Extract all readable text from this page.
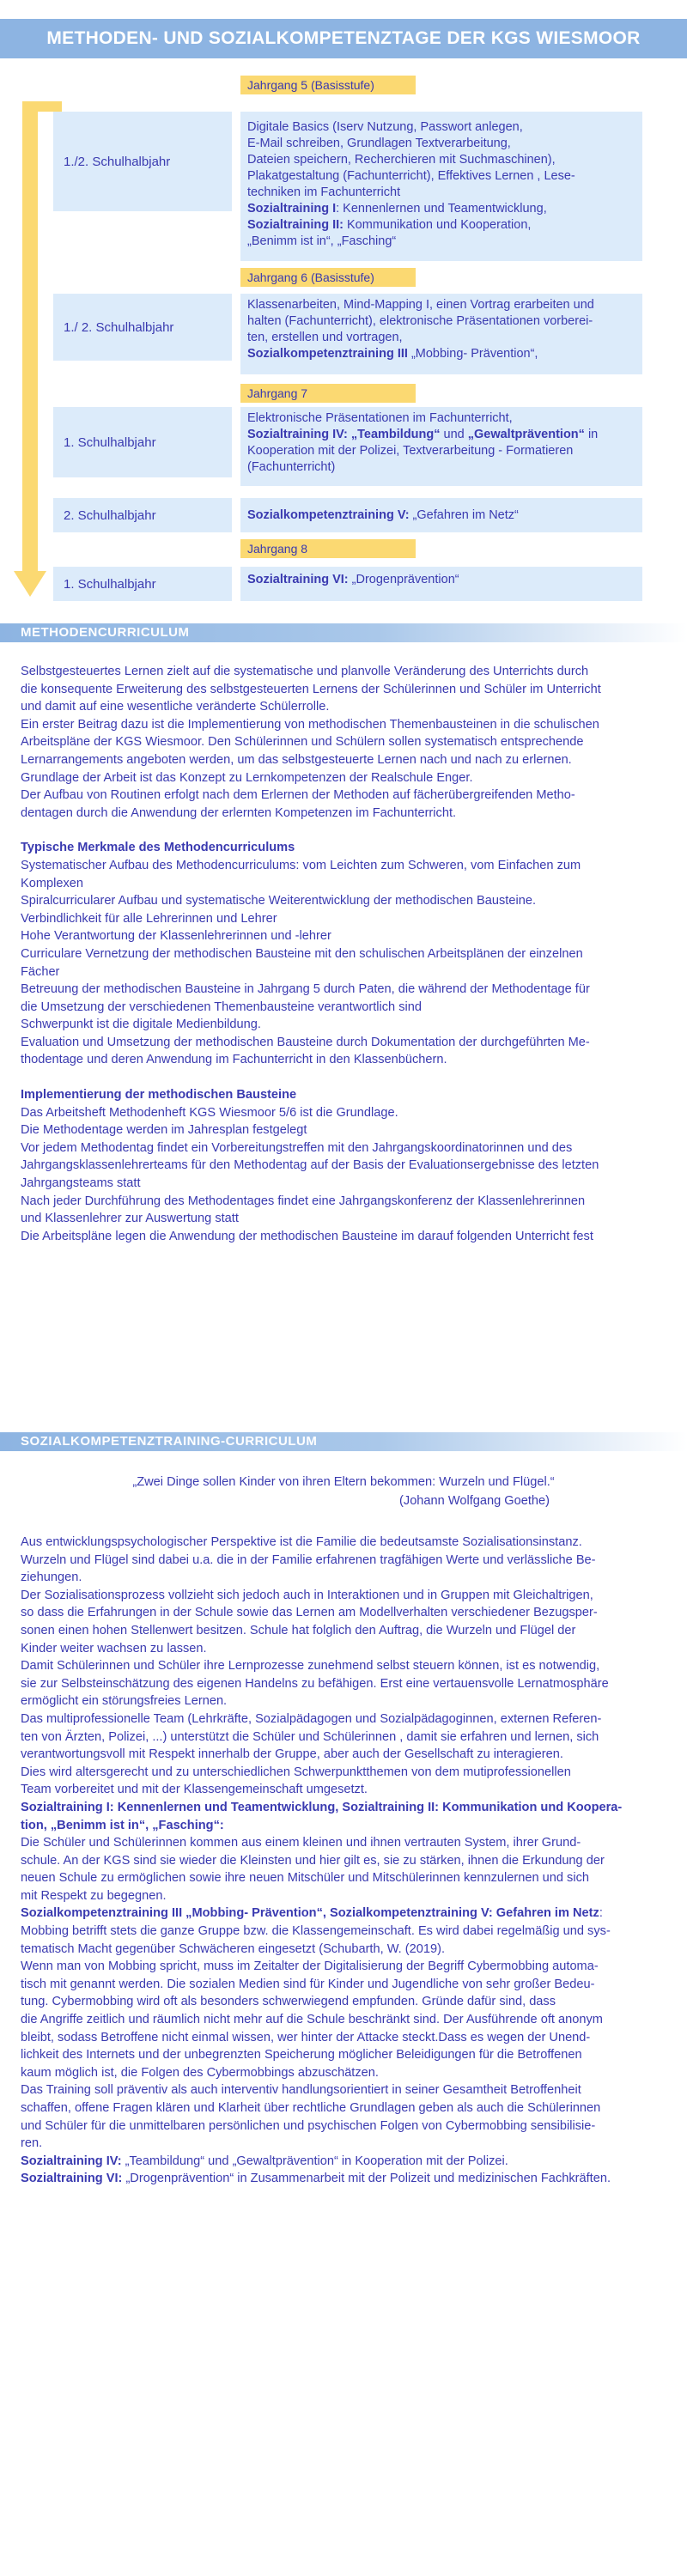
METHODEN- UND SOZIALKOMPETENZTAGE DER KGS WIESMOOR
Jahrgang 5 (Basisstufe)
1./2. Schulhalbjahr
Digitale Basics (Iserv Nutzung, Passwort anlegen,
E-Mail schreiben, Grundlagen Textverarbeitung,
Dateien speichern, Recherchieren mit Suchmaschinen),
Plakatgestaltung (Fachunterricht), Effektives Lernen , Lese-
techniken im Fachunterricht
Sozialtraining I: Kennenlernen und Teamentwicklung,
Sozialtraining II: Kommunikation und Kooperation,
„Benimm ist in“, „Fasching“
Jahrgang 6 (Basisstufe)
1./ 2. Schulhalbjahr
Klassenarbeiten, Mind-Mapping I, einen Vortrag erarbeiten und
halten (Fachunterricht), elektronische Präsentationen vorberei-
ten, erstellen und vortragen,
Sozialkompetenztraining III „Mobbing- Prävention“,
Jahrgang 7
1. Schulhalbjahr
Elektronische Präsentationen im Fachunterricht,
Sozialtraining IV: „Teambildung“ und „Gewaltprävention“ in
Kooperation mit der Polizei, Textverarbeitung - Formatieren
(Fachunterricht)
2. Schulhalbjahr	Sozialkompetenztraining V: „Gefahren im Netz“
Jahrgang 8
1. Schulhalbjahr	Sozialtraining VI: „Drogenprävention“
METHODENCURRICULUM

Selbstgesteuertes Lernen zielt auf die systematische und planvolle Veränderung des Unterrichts durch

die konsequente Erweiterung des selbstgesteuerten Lernens der Schülerinnen und Schüler im Unterricht

und damit auf eine wesentliche veränderte Schülerrolle.

Ein erster Beitrag dazu ist die Implementierung von methodischen Themenbausteinen in die schulischen

Arbeitspläne der KGS Wiesmoor. Den Schülerinnen und Schülern sollen systematisch entsprechende

Lernarrangements angeboten werden, um das selbstgesteuerte Lernen nach und nach zu erlernen.

Grundlage der Arbeit ist das Konzept zu Lernkompetenzen der Realschule Enger.

Der Aufbau von Routinen erfolgt nach dem Erlernen der Methoden auf fächerübergreifenden Metho-

dentagen durch die Anwendung der erlernten Kompetenzen im Fachunterricht.

Typische Merkmale des Methodencurriculums

Systematischer Aufbau des Methodencurriculums: vom Leichten zum Schweren, vom Einfachen zum

Komplexen

Spiralcurricularer Aufbau und systematische Weiterentwicklung der methodischen Bausteine.

Verbindlichkeit für alle Lehrerinnen und Lehrer

Hohe Verantwortung der Klassenlehrerinnen und -lehrer

Curriculare Vernetzung der methodischen Bausteine mit den schulischen Arbeitsplänen der einzelnen

Fächer

Betreuung der methodischen Bausteine in Jahrgang 5 durch Paten, die während der Methodentage für

die Umsetzung der verschiedenen Themenbausteine verantwortlich sind

Schwerpunkt ist die digitale Medienbildung.

Evaluation und Umsetzung der methodischen Bausteine durch Dokumentation der durchgeführten Me-

thodentage und deren Anwendung im Fachunterricht in den Klassenbüchern.

Implementierung der methodischen Bausteine

Das Arbeitsheft Methodenheft KGS Wiesmoor 5/6 ist die Grundlage.

Die Methodentage werden im Jahresplan festgelegt

Vor jedem Methodentag findet ein Vorbereitungstreffen mit den Jahrgangskoordinatorinnen und des

Jahrgangsklassenlehrerteams für den Methodentag auf der Basis der Evaluationsergebnisse des letzten

Jahrgangsteams statt

Nach jeder Durchführung des Methodentages findet eine Jahrgangskonferenz der Klassenlehrerinnen

und Klassenlehrer zur Auswertung statt

Die Arbeitspläne legen die Anwendung der methodischen Bausteine im darauf folgenden Unterricht fest

SOZIALKOMPETENZTRAINING-CURRICULUM
„Zwei Dinge sollen Kinder von ihren Eltern bekommen: Wurzeln und Flügel.“
(Johann Wolfgang Goethe)

Aus entwicklungspsychologischer Perspektive ist die Familie die bedeutsamste Sozialisationsinstanz.

Wurzeln und Flügel sind dabei u.a. die in der Familie erfahrenen tragfähigen Werte und verlässliche Be-

ziehungen.

Der Sozialisationsprozess vollzieht sich jedoch auch in Interaktionen und in Gruppen mit Gleichaltrigen,

so dass die Erfahrungen in der Schule sowie das Lernen am Modellverhalten verschiedener Bezugsper-

sonen einen hohen Stellenwert besitzen. Schule hat folglich den Auftrag, die Wurzeln und Flügel der

Kinder weiter wachsen zu lassen.

Damit Schülerinnen und Schüler ihre Lernprozesse zunehmend selbst steuern können, ist es notwendig,

sie zur Selbsteinschätzung des eigenen Handelns zu befähigen. Erst eine vertauensvolle Lernatmosphäre

ermöglicht ein störungsfreies Lernen.

Das multiprofessionelle Team (Lehrkräfte, Sozialpädagogen und Sozialpädagoginnen, externen Referen-

ten von Ärzten, Polizei, ...) unterstützt die Schüler und Schülerinnen , damit sie erfahren und lernen, sich

verantwortungsvoll mit Respekt innerhalb der Gruppe, aber auch der Gesellschaft zu interagieren.

Dies wird altersgerecht und zu unterschiedlichen Schwerpunktthemen von dem mutiprofessionellen

Team vorbereitet und mit der Klassengemeinschaft umgesetzt.

Sozialtraining I: Kennenlernen und Teamentwicklung, Sozialtraining II: Kommunikation und Koopera-

tion, „Benimm ist in“, „Fasching“:

Die Schüler und Schülerinnen kommen aus einem kleinen und ihnen vertrauten System, ihrer Grund-

schule. An der KGS sind sie wieder die Kleinsten und hier gilt es, sie zu stärken, ihnen die Erkundung der

neuen Schule zu ermöglichen sowie ihre neuen Mitschüler und Mitschülerinnen kennzulernen und sich

mit Respekt zu begegnen.

Sozialkompetenztraining III „Mobbing- Prävention“, Sozialkompetenztraining V: Gefahren im Netz:

Mobbing betrifft stets die ganze Gruppe bzw. die Klassengemeinschaft. Es wird dabei regelmäßig und sys-

tematisch Macht gegenüber Schwächeren eingesetzt (Schubarth, W. (2019).

Wenn man von Mobbing spricht, muss im Zeitalter der Digitalisierung der Begriff Cybermobbing automa-

tisch mit genannt werden. Die sozialen Medien sind für Kinder und Jugendliche von sehr großer Bedeu-

tung. Cybermobbing wird oft als besonders schwerwiegend empfunden. Gründe dafür sind, dass

die Angriffe zeitlich und räumlich nicht mehr auf die Schule beschränkt sind. Der Ausführende oft anonym

bleibt, sodass Betroffene nicht einmal wissen, wer hinter der Attacke steckt.Dass es wegen der Unend-

lichkeit des Internets und der unbegrenzten Speicherung möglicher Beleidigungen für die Betroffenen

kaum möglich ist, die Folgen des Cybermobbings abzuschätzen.

Das Training soll präventiv als auch interventiv handlungsorientiert in seiner Gesamtheit Betroffenheit

schaffen, offene Fragen klären und Klarheit über rechtliche Grundlagen geben als auch die Schülerinnen

und Schüler für die unmittelbaren persönlichen und psychischen Folgen von Cybermobbing sensibilisie-

ren.

Sozialtraining IV: „Teambildung“ und „Gewaltprävention“ in Kooperation mit der Polizei.

Sozialtraining VI: „Drogenprävention“ in Zusammenarbeit mit der Polizeit und medizinischen Fachkräften.
